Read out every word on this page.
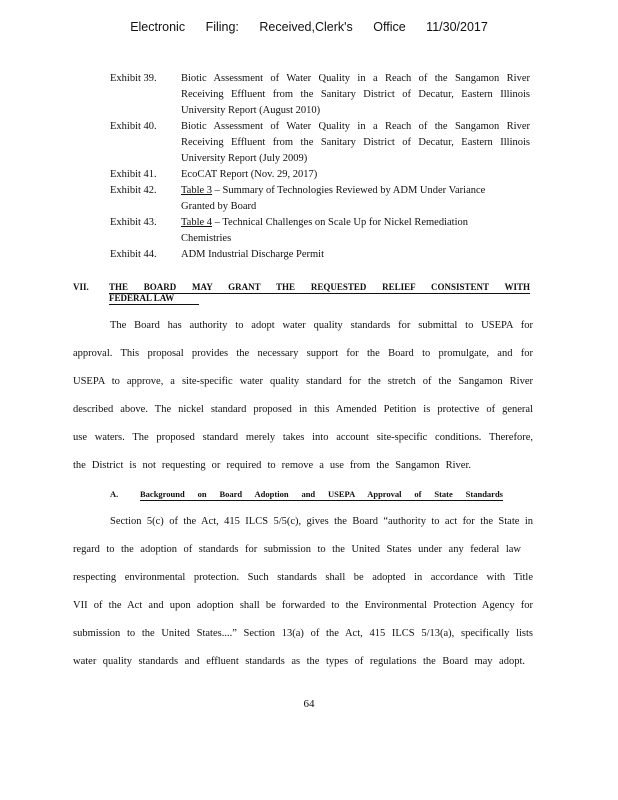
Electronic Filing: Received,Clerk's Office 11/30/2017
Exhibit 39.	Biotic Assessment of Water Quality in a Reach of the Sangamon River
Receiving Effluent from the Sanitary District of Decatur, Eastern Illinois
University Report (August 2010)
Exhibit 40.	Biotic Assessment of Water Quality in a Reach of the Sangamon River
Receiving Effluent from the Sanitary District of Decatur, Eastern Illinois
University Report (July 2009)
Exhibit 41.	EcoCAT Report (Nov. 29, 2017)
Exhibit 42.	Table 3 – Summary of Technologies Reviewed by ADM Under Variance
Granted by Board
Exhibit 43.	Table 4 – Technical Challenges on Scale Up for Nickel Remediation
Chemistries
Exhibit 44.	ADM Industrial Discharge Permit
VII. THE BOARD MAY GRANT THE REQUESTED RELIEF CONSISTENT WITH
FEDERAL LAW
The Board has authority to adopt water quality standards for submittal to USEPA for
approval. This proposal provides the necessary support for the Board to promulgate, and for
USEPA to approve, a site-specific water quality standard for the stretch of the Sangamon River
described above. The nickel standard proposed in this Amended Petition is protective of general
use waters. The proposed standard merely takes into account site-specific conditions. Therefore,
the District is not requesting or required to remove a use from the Sangamon River.
A.	Background on Board Adoption and USEPA Approval of State Standards
Section 5(c) of the Act, 415 ILCS 5/5(c), gives the Board “authority to act for the State in
regard to the adoption of standards for submission to the United States under any federal law
respecting environmental protection. Such standards shall be adopted in accordance with Title
VII of the Act and upon adoption shall be forwarded to the Environmental Protection Agency for
submission to the United States....” Section 13(a) of the Act, 415 ILCS 5/13(a), specifically lists
water quality standards and effluent standards as the types of regulations the Board may adopt.
64
